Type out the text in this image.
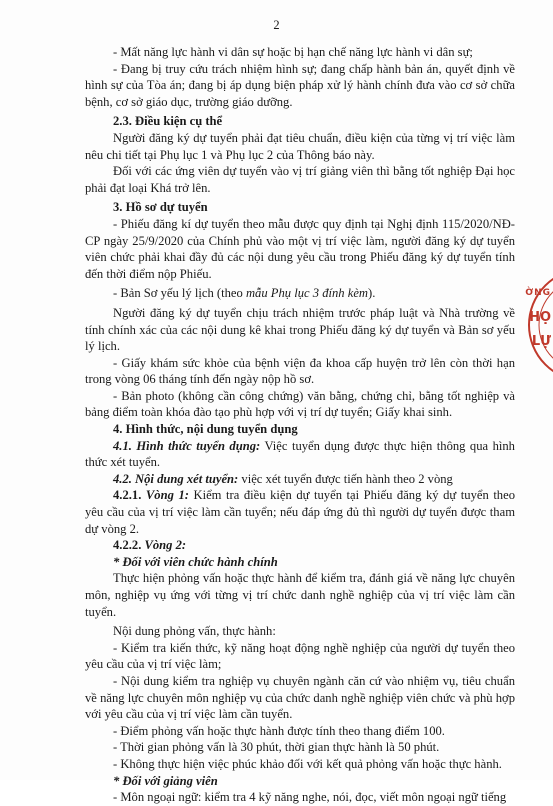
2

- Mất năng lực hành vi dân sự hoặc bị hạn chế năng lực hành vi dân sự;

- Đang bị truy cứu trách nhiệm hình sự; đang chấp hành bản án, quyết định về hình sự của Tòa án; đang bị áp dụng biện pháp xử lý hành chính đưa vào cơ sở chữa bệnh, cơ sở giáo dục, trường giáo dưỡng.

2.3. Điều kiện cụ thể

Người đăng ký dự tuyển phải đạt tiêu chuẩn, điều kiện của từng vị trí việc làm nêu chi tiết tại Phụ lục 1 và Phụ lục 2 của Thông báo này.

Đối với các ứng viên dự tuyển vào vị trí giảng viên thì bằng tốt nghiệp Đại học phải đạt loại Khá trở lên.

3. Hồ sơ dự tuyển

- Phiếu đăng kí dự tuyển theo mẫu được quy định tại Nghị định 115/2020/NĐ-CP ngày 25/9/2020 của Chính phủ vào một vị trí việc làm, người đăng ký dự tuyển viên chức phải khai đầy đủ các nội dung yêu cầu trong Phiếu đăng ký dự tuyển tính đến thời điểm nộp Phiếu.

- Bản Sơ yếu lý lịch (theo mẫu Phụ lục 3 đính kèm).

Người đăng ký dự tuyển chịu trách nhiệm trước pháp luật và Nhà trường về tính chính xác của các nội dung kê khai trong Phiếu đăng ký dự tuyển và Bản sơ yếu lý lịch.

- Giấy khám sức khỏe của bệnh viện đa khoa cấp huyện trở lên còn thời hạn trong vòng 06 tháng tính đến ngày nộp hồ sơ.

- Bản photo (không cần công chứng) văn bằng, chứng chỉ, bằng tốt nghiệp và bảng điểm toàn khóa đào tạo phù hợp với vị trí dự tuyển; Giấy khai sinh.

4. Hình thức, nội dung tuyển dụng

4.1. Hình thức tuyển dụng: Việc tuyển dụng được thực hiện thông qua hình thức xét tuyển.

4.2. Nội dung xét tuyển: việc xét tuyển được tiến hành theo 2 vòng

4.2.1. Vòng 1: Kiểm tra điều kiện dự tuyển tại Phiếu đăng ký dự tuyển theo yêu cầu của vị trí việc làm cần tuyển; nếu đáp ứng đủ thì người dự tuyển được tham dự vòng 2.

4.2.2. Vòng 2:

* Đối với viên chức hành chính

Thực hiện phỏng vấn hoặc thực hành để kiểm tra, đánh giá về năng lực chuyên môn, nghiệp vụ ứng với từng vị trí chức danh nghề nghiệp của vị trí việc làm cần tuyển.

Nội dung phỏng vấn, thực hành:

- Kiểm tra kiến thức, kỹ năng hoạt động nghề nghiệp của người dự tuyển theo yêu cầu của vị trí việc làm;

- Nội dung kiểm tra nghiệp vụ chuyên ngành căn cứ vào nhiệm vụ, tiêu chuẩn về năng lực chuyên môn nghiệp vụ của chức danh nghề nghiệp viên chức và phù hợp với yêu cầu của vị trí việc làm cần tuyển.

- Điểm phỏng vấn hoặc thực hành được tính theo thang điểm 100.

- Thời gian phỏng vấn là 30 phút, thời gian thực hành là 50 phút.

- Không thực hiện việc phúc khảo đối với kết quả phỏng vấn hoặc thực hành.

* Đối với giảng viên

- Môn ngoại ngữ: kiểm tra 4 kỹ năng nghe, nói, đọc, viết môn ngoại ngữ tiếng

ỜNG
HỌ
LỰ
